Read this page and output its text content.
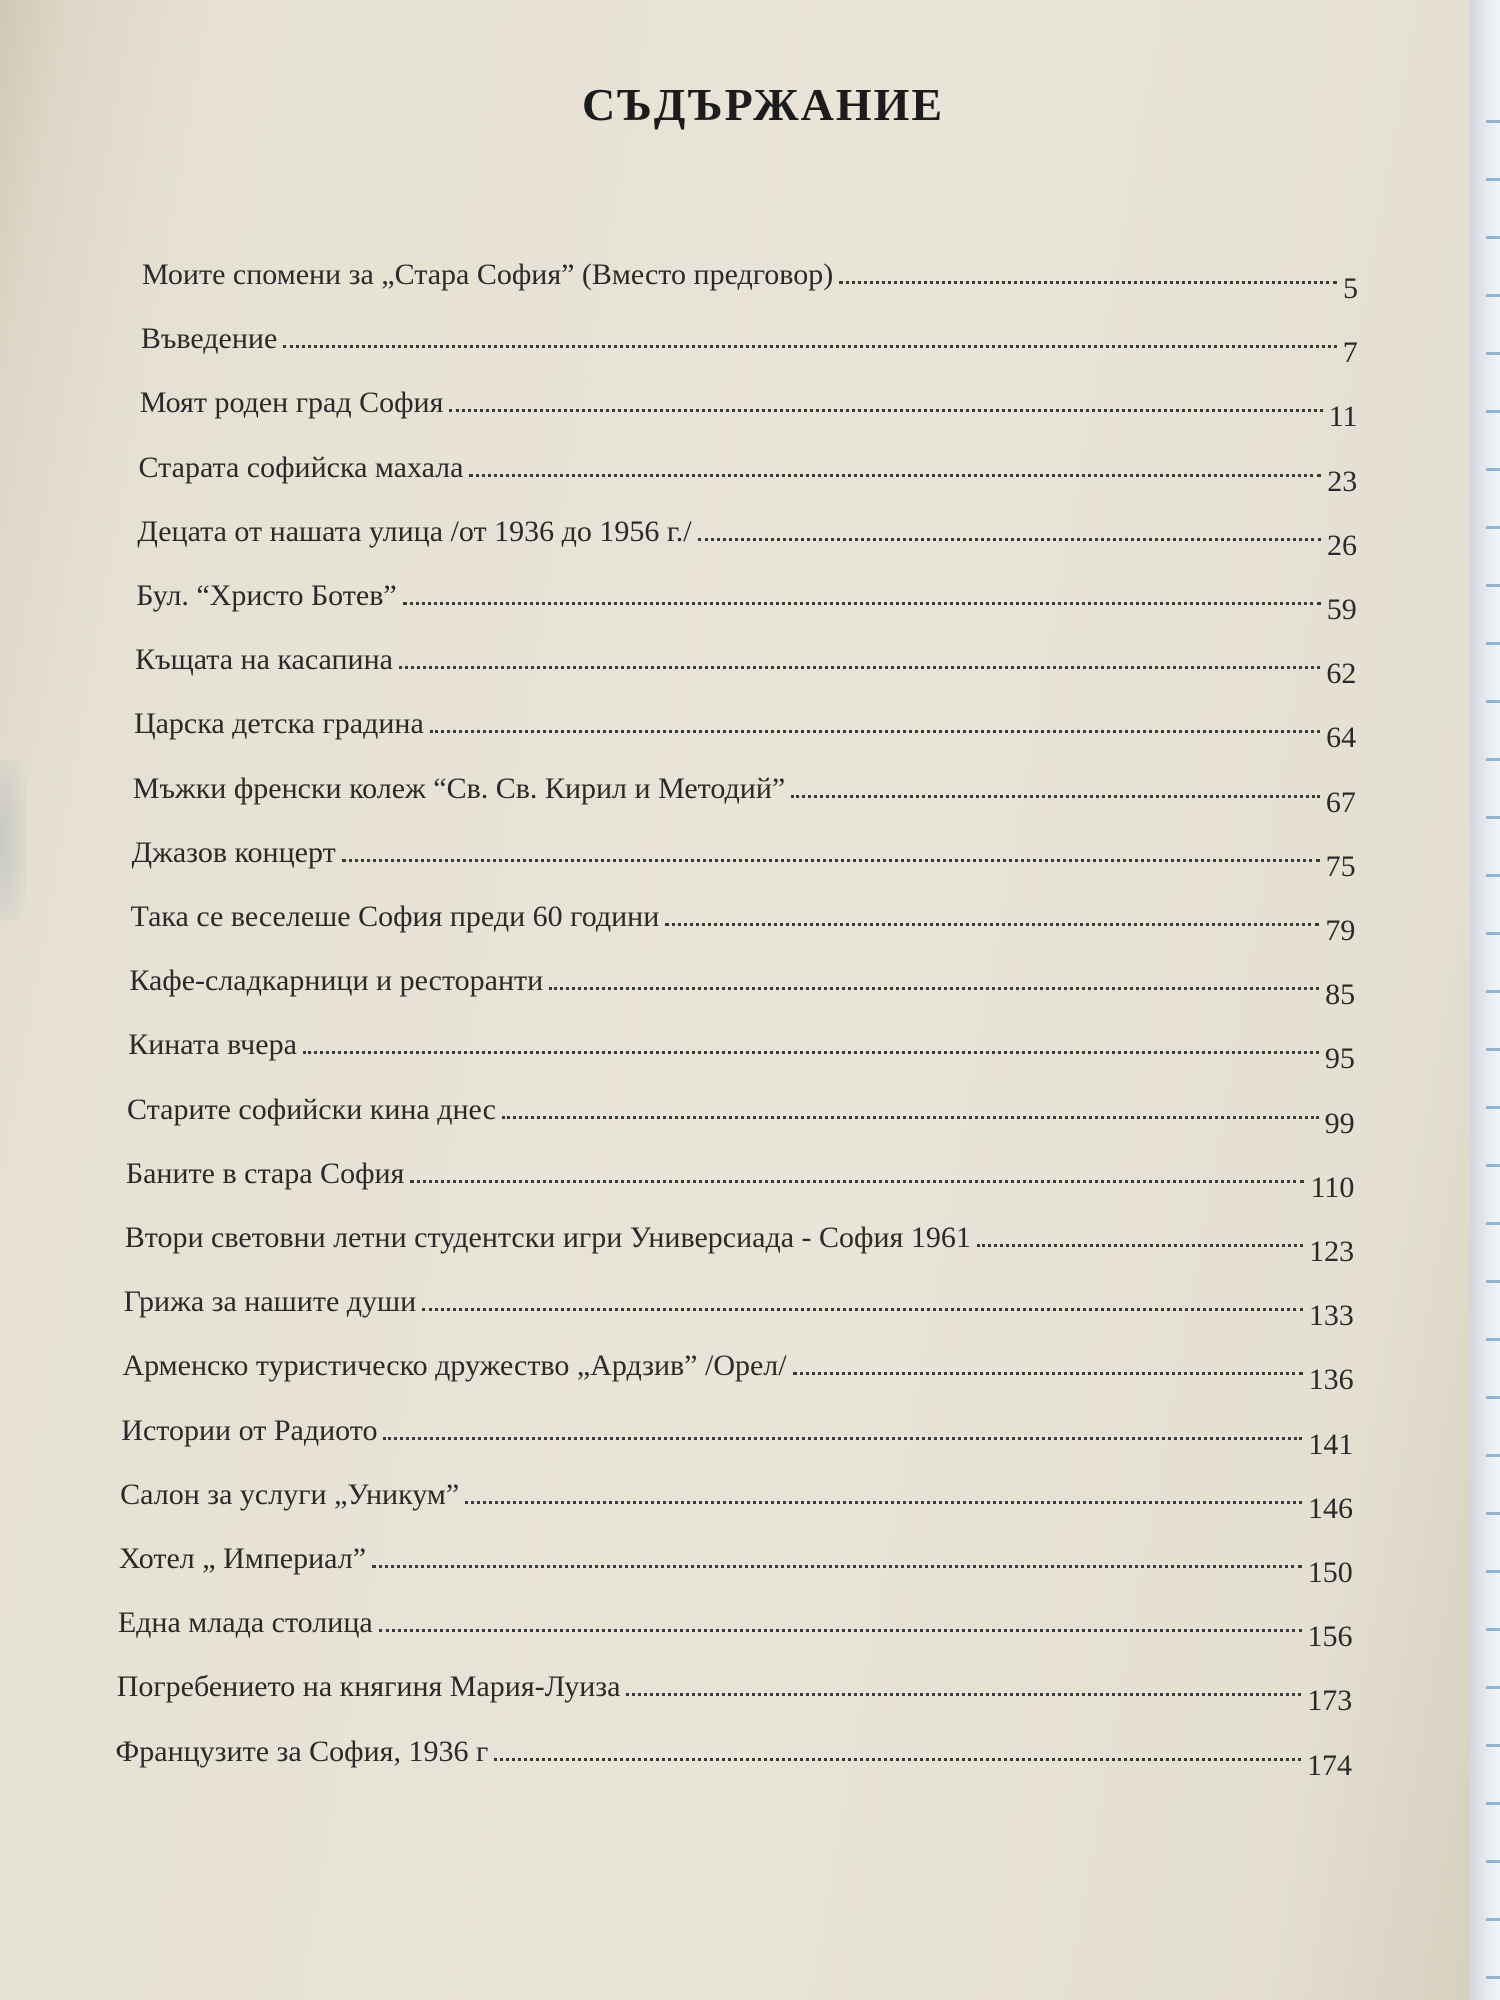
СЪДЪРЖАНИЕ
Моите спомени за „Стара София” (Вместо предговор)	5
Въведение	7
Моят роден град София	11
Старата софийска махала	23
Децата от нашата улица /от 1936 до 1956 г./	26
Бул. “Христо Ботев”	59
Къщата на касапина	62
Царска детска градина	64
Мъжки френски колеж “Св. Св. Кирил и Методий”	67
Джазов концерт	75
Така се веселеше София преди 60 години	79
Кафе-сладкарници и ресторанти	85
Кината вчера	95
Старите софийски кина днес	99
Баните в стара София	110
Втори световни летни студентски игри Универсиада - София 1961	123
Грижа за нашите души	133
Арменско туристическо дружество „Ардзив” /Орел/	136
Истории от Радиото	141
Салон за услуги „Уникум”	146
Хотел „ Империал”	150
Една млада столица	156
Погребението на княгиня Мария-Луиза	173
Французите за София, 1936 г	174
